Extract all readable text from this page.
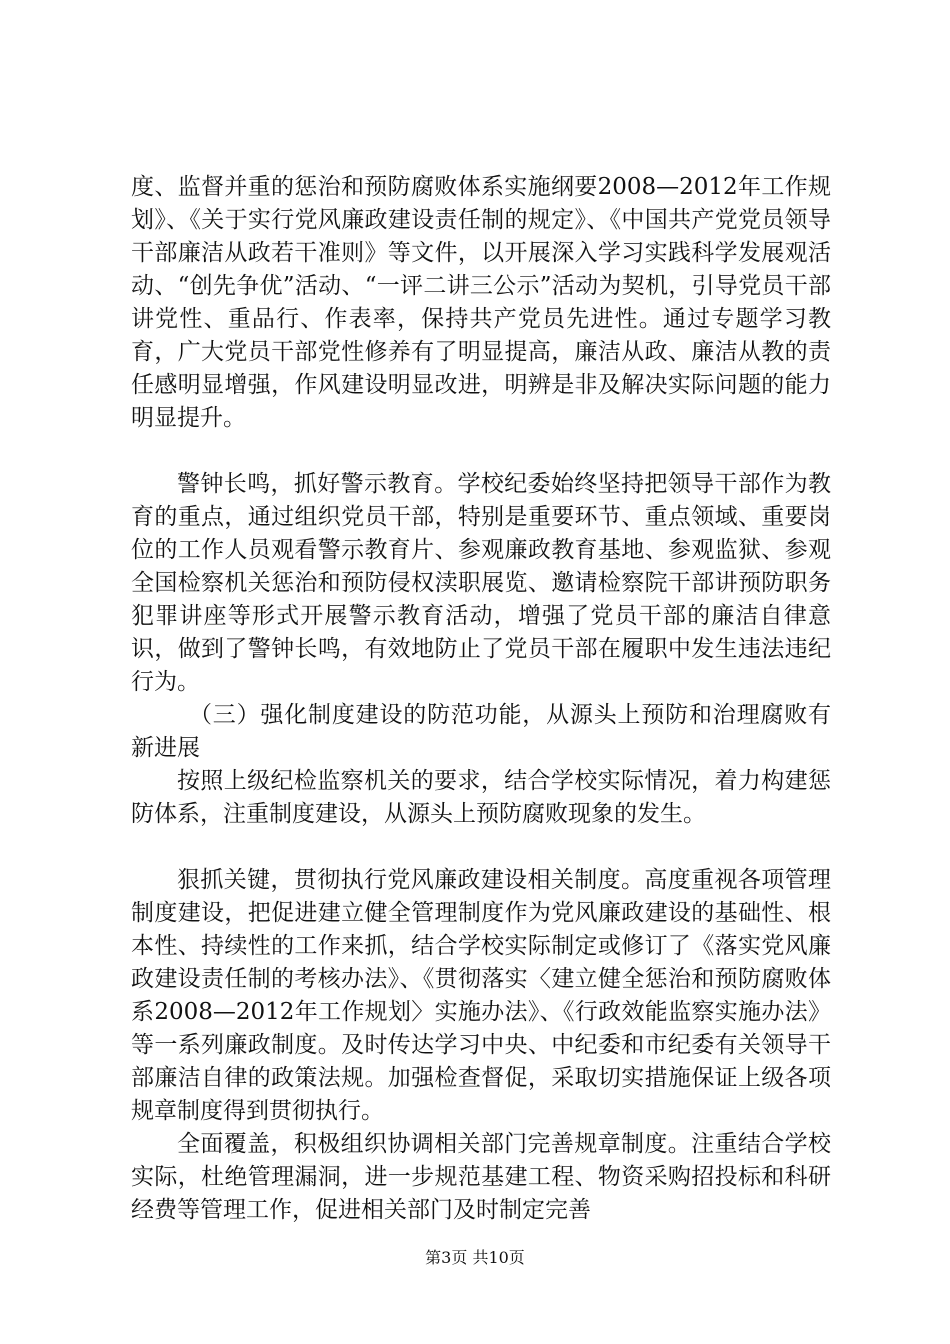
度、监督并重的惩治和预防腐败体系实施纲要2008—2012年工作规划》、《关于实行党风廉政建设责任制的规定》、《中国共产党党员领导干部廉洁从政若干准则》等文件，以开展深入学习实践科学发展观活动、“创先争优”活动、“一评二讲三公示”活动为契机，引导党员干部讲党性、重品行、作表率，保持共产党员先进性。通过专题学习教育，广大党员干部党性修养有了明显提高，廉洁从政、廉洁从教的责任感明显增强，作风建设明显改进，明辨是非及解决实际问题的能力明显提升。

警钟长鸣，抓好警示教育。学校纪委始终坚持把领导干部作为教育的重点，通过组织党员干部，特别是重要环节、重点领域、重要岗位的工作人员观看警示教育片、参观廉政教育基地、参观监狱、参观全国检察机关惩治和预防侵权渎职展览、邀请检察院干部讲预防职务犯罪讲座等形式开展警示教育活动，增强了党员干部的廉洁自律意识，做到了警钟长鸣，有效地防止了党员干部在履职中发生违法违纪行为。

（三）强化制度建设的防范功能，从源头上预防和治理腐败有新进展

按照上级纪检监察机关的要求，结合学校实际情况，着力构建惩防体系，注重制度建设，从源头上预防腐败现象的发生。

狠抓关键，贯彻执行党风廉政建设相关制度。高度重视各项管理制度建设，把促进建立健全管理制度作为党风廉政建设的基础性、根本性、持续性的工作来抓，结合学校实际制定或修订了《落实党风廉政建设责任制的考核办法》、《贯彻落实〈建立健全惩治和预防腐败体系2008—2012年工作规划〉实施办法》、《行政效能监察实施办法》等一系列廉政制度。及时传达学习中央、中纪委和市纪委有关领导干部廉洁自律的政策法规。加强检查督促，采取切实措施保证上级各项规章制度得到贯彻执行。

全面覆盖，积极组织协调相关部门完善规章制度。注重结合学校实际，杜绝管理漏洞，进一步规范基建工程、物资采购招投标和科研经费等管理工作，促进相关部门及时制定完善

第3页 共10页
